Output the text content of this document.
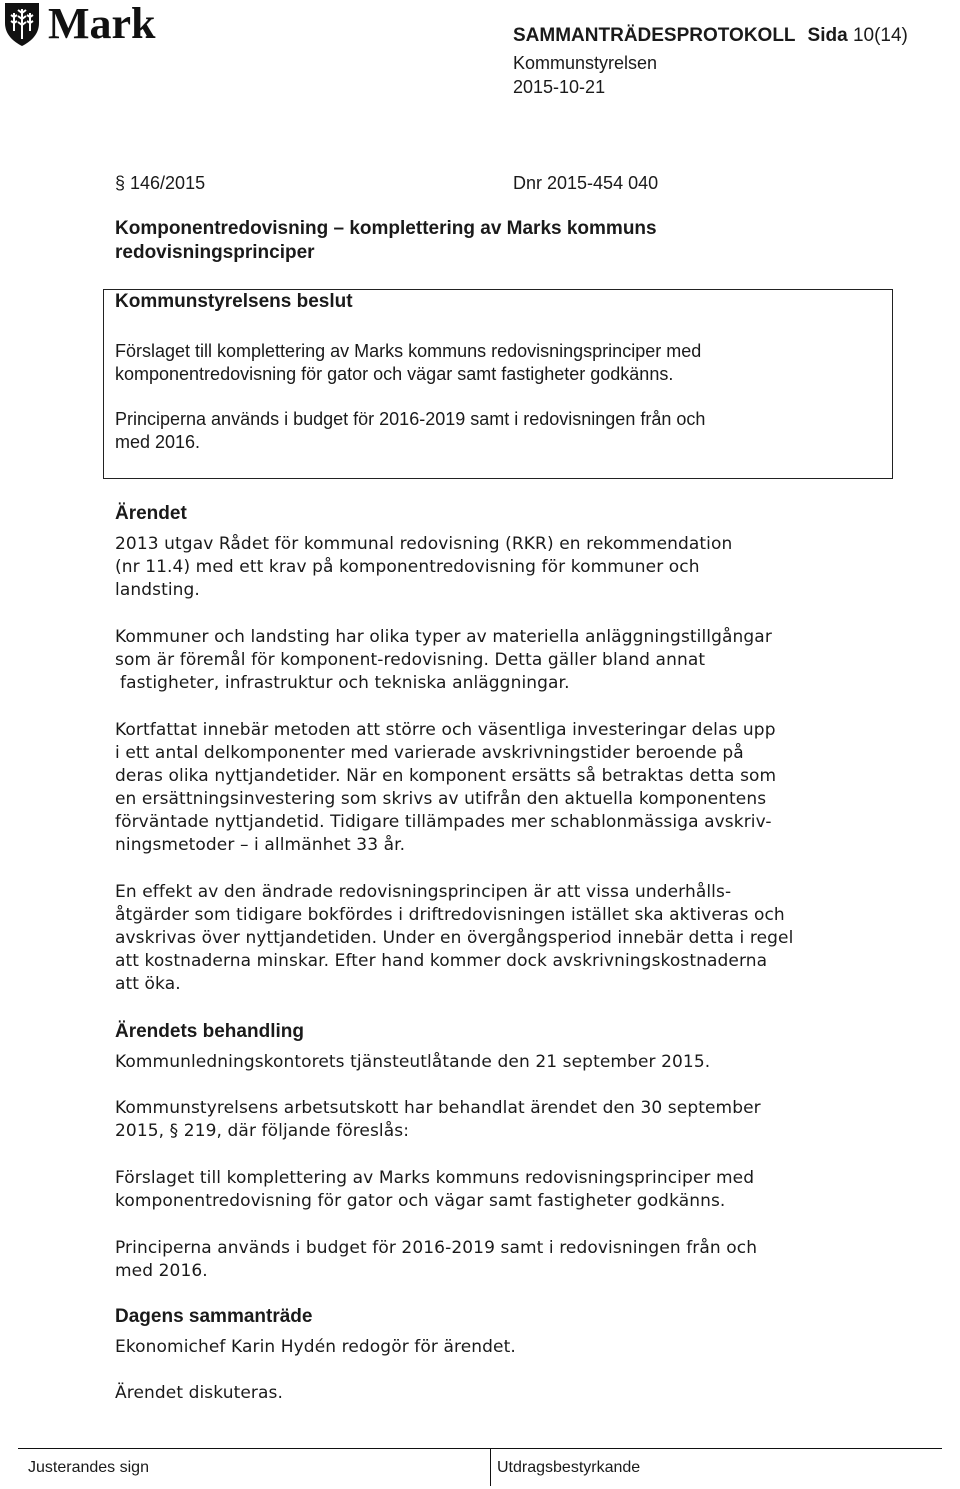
Mark	SAMMANTRÄDESPROTOKOLL Sida 10(14)
Kommunstyrelsen
2015-10-21
§ 146/2015	Dnr 2015-454 040
Komponentredovisning – komplettering av Marks kommuns
redovisningsprinciper
Kommunstyrelsens beslut
Förslaget till komplettering av Marks kommuns redovisningsprinciper med
komponentredovisning för gator och vägar samt fastigheter godkänns.
Principerna används i budget för 2016-2019 samt i redovisningen från och
med 2016.
Ärendet
2013 utgav Rådet för kommunal redovisning (RKR) en rekommendation
(nr 11.4) med ett krav på komponentredovisning för kommuner och
landsting.
Kommuner och landsting har olika typer av materiella anläggningstillgångar
som är föremål för komponent-redovisning. Detta gäller bland annat
fastigheter, infrastruktur och tekniska anläggningar.
Kortfattat innebär metoden att större och väsentliga investeringar delas upp
i ett antal delkomponenter med varierade avskrivningstider beroende på
deras olika nyttjandetider. När en komponent ersätts så betraktas detta som
en ersättningsinvestering som skrivs av utifrån den aktuella komponentens
förväntade nyttjandetid. Tidigare tillämpades mer schablonmässiga avskriv-
ningsmetoder – i allmänhet 33 år.
En effekt av den ändrade redovisningsprincipen är att vissa underhålls-
åtgärder som tidigare bokfördes i driftredovisningen istället ska aktiveras och
avskrivas över nyttjandetiden. Under en övergångsperiod innebär detta i regel
att kostnaderna minskar. Efter hand kommer dock avskrivningskostnaderna
att öka.
Ärendets behandling
Kommunledningskontorets tjänsteutlåtande den 21 september 2015.
Kommunstyrelsens arbetsutskott har behandlat ärendet den 30 september
2015, § 219, där följande föreslås:
Förslaget till komplettering av Marks kommuns redovisningsprinciper med
komponentredovisning för gator och vägar samt fastigheter godkänns.
Principerna används i budget för 2016-2019 samt i redovisningen från och
med 2016.
Dagens sammanträde
Ekonomichef Karin Hydén redogör för ärendet.
Ärendet diskuteras.
Justerandes sign	Utdragsbestyrkande
